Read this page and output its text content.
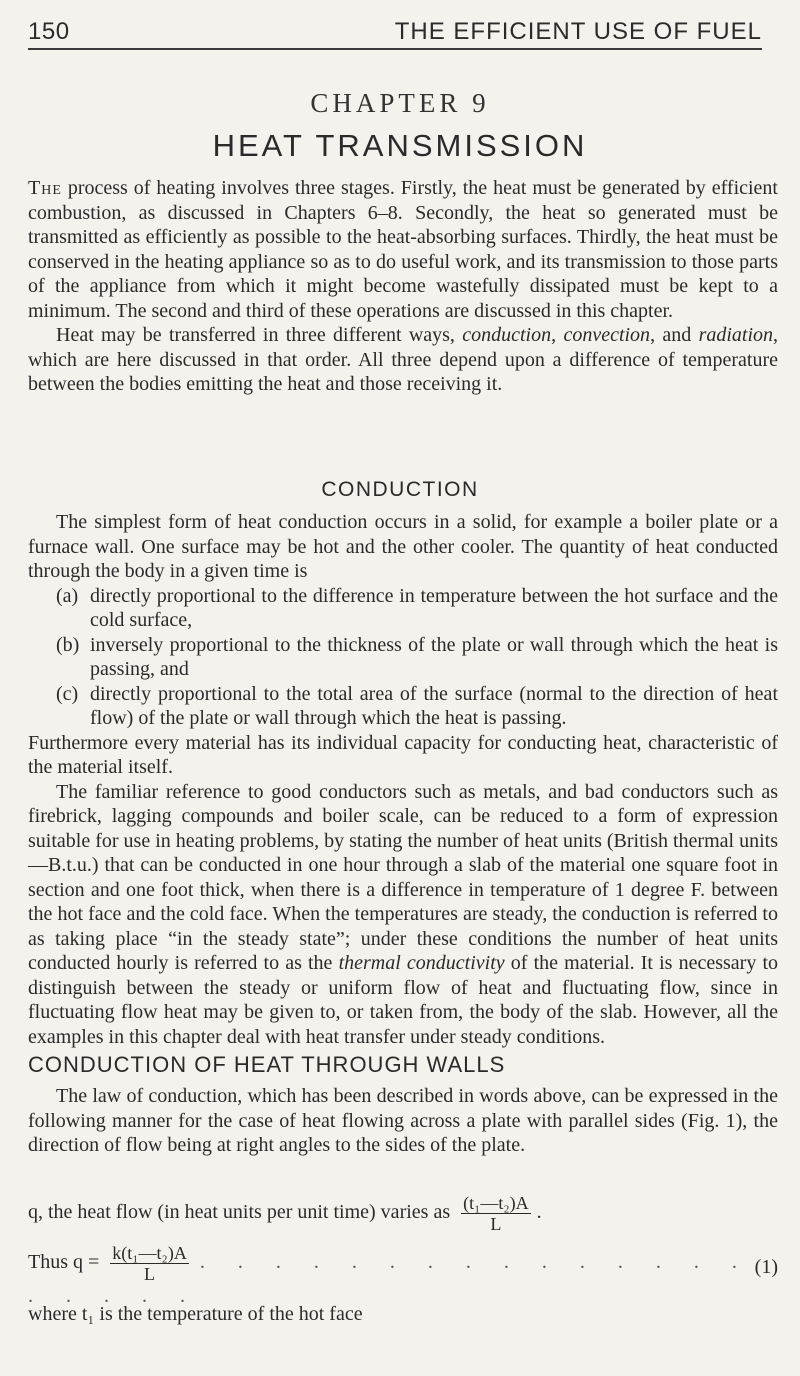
150	THE EFFICIENT USE OF FUEL
CHAPTER 9
HEAT TRANSMISSION

The process of heating involves three stages. Firstly, the heat must be generated by efficient combustion, as discussed in Chapters 6–8. Secondly, the heat so generated must be transmitted as efficiently as possible to the heat-absorbing surfaces. Thirdly, the heat must be conserved in the heating appliance so as to do useful work, and its transmission to those parts of the appliance from which it might become wastefully dissipated must be kept to a minimum. The second and third of these operations are discussed in this chapter.

Heat may be transferred in three different ways, conduction, convection, and radiation, which are here discussed in that order. All three depend upon a difference of temperature between the bodies emitting the heat and those receiving it.

CONDUCTION

The simplest form of heat conduction occurs in a solid, for example a boiler plate or a furnace wall. One surface may be hot and the other cooler. The quantity of heat conducted through the body in a given time is

(a) directly proportional to the difference in temperature between the hot surface and the cold surface,
(b) inversely proportional to the thickness of the plate or wall through which the heat is passing, and
(c) directly proportional to the total area of the surface (normal to the direction of heat flow) of the plate or wall through which the heat is passing.

Furthermore every material has its individual capacity for conducting heat, characteristic of the material itself.

The familiar reference to good conductors such as metals, and bad conductors such as firebrick, lagging compounds and boiler scale, can be reduced to a form of expression suitable for use in heating problems, by stating the number of heat units (British thermal units—B.t.u.) that can be conducted in one hour through a slab of the material one square foot in section and one foot thick, when there is a difference in temperature of 1 degree F. between the hot face and the cold face. When the temperatures are steady, the conduction is referred to as taking place “in the steady state”; under these conditions the number of heat units conducted hourly is referred to as the thermal conductivity of the material. It is necessary to distinguish between the steady or uniform flow of heat and fluctuating flow, since in fluctuating flow heat may be given to, or taken from, the body of the slab. However, all the examples in this chapter deal with heat transfer under steady conditions.

CONDUCTION OF HEAT THROUGH WALLS

The law of conduction, which has been described in words above, can be expressed in the following manner for the case of heat flowing across a plate with parallel sides (Fig. 1), the direction of flow being at right angles to the sides of the plate.

q, the heat flow (in heat units per unit time) varies as $\frac{\text{(t₁—t₂)A}}{L}$ .
Thus $q = \frac{\text{k(t₁—t₂)A}}{L}$ . . . . . . . . . . . . . . . . . . . .
(1)
where t₁ is the temperature of the hot face
